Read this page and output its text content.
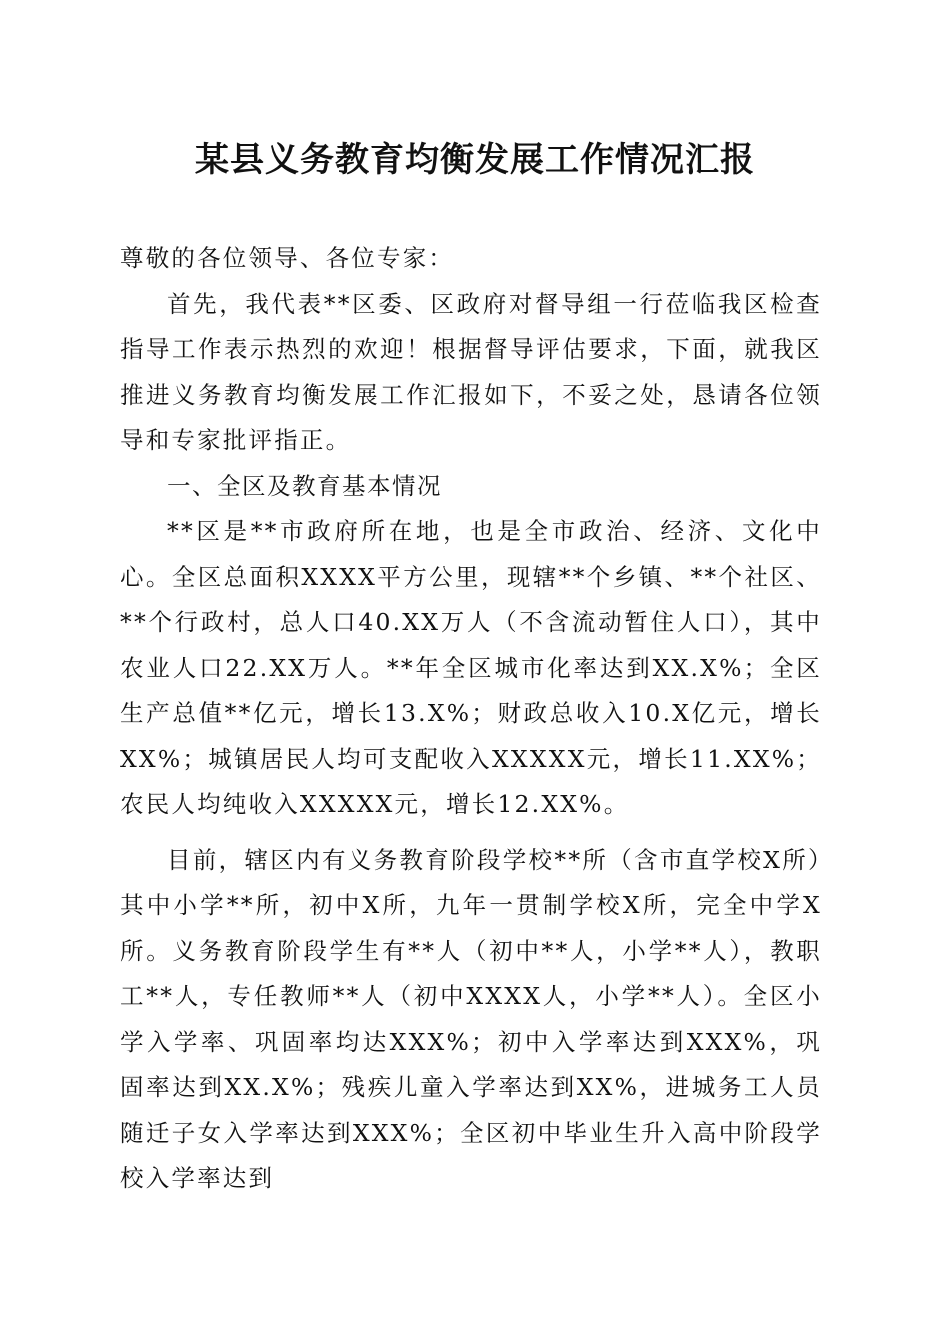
某县义务教育均衡发展工作情况汇报

尊敬的各位领导、各位专家：

首先，我代表**区委、区政府对督导组一行莅临我区检查指导工作表示热烈的欢迎！根据督导评估要求，下面，就我区推进义务教育均衡发展工作汇报如下，不妥之处，恳请各位领导和专家批评指正。

一、全区及教育基本情况

**区是**市政府所在地，也是全市政治、经济、文化中心。全区总面积XXXX平方公里，现辖**个乡镇、**个社区、**个行政村，总人口40.XX万人（不含流动暂住人口），其中农业人口22.XX万人。**年全区城市化率达到XX.X%；全区生产总值**亿元，增长13.X%；财政总收入10.X亿元，增长XX%；城镇居民人均可支配收入XXXXX元，增长11.XX%；农民人均纯收入XXXXX元，增长12.XX%。

目前，辖区内有义务教育阶段学校**所（含市直学校X所）其中小学**所，初中X所，九年一贯制学校X所，完全中学X所。义务教育阶段学生有**人（初中**人，小学**人），教职工**人，专任教师**人（初中XXXX人，小学**人）。全区小学入学率、巩固率均达XXX%；初中入学率达到XXX%，巩固率达到XX.X%；残疾儿童入学率达到XX%，进城务工人员随迁子女入学率达到XXX%；全区初中毕业生升入高中阶段学校入学率达到
